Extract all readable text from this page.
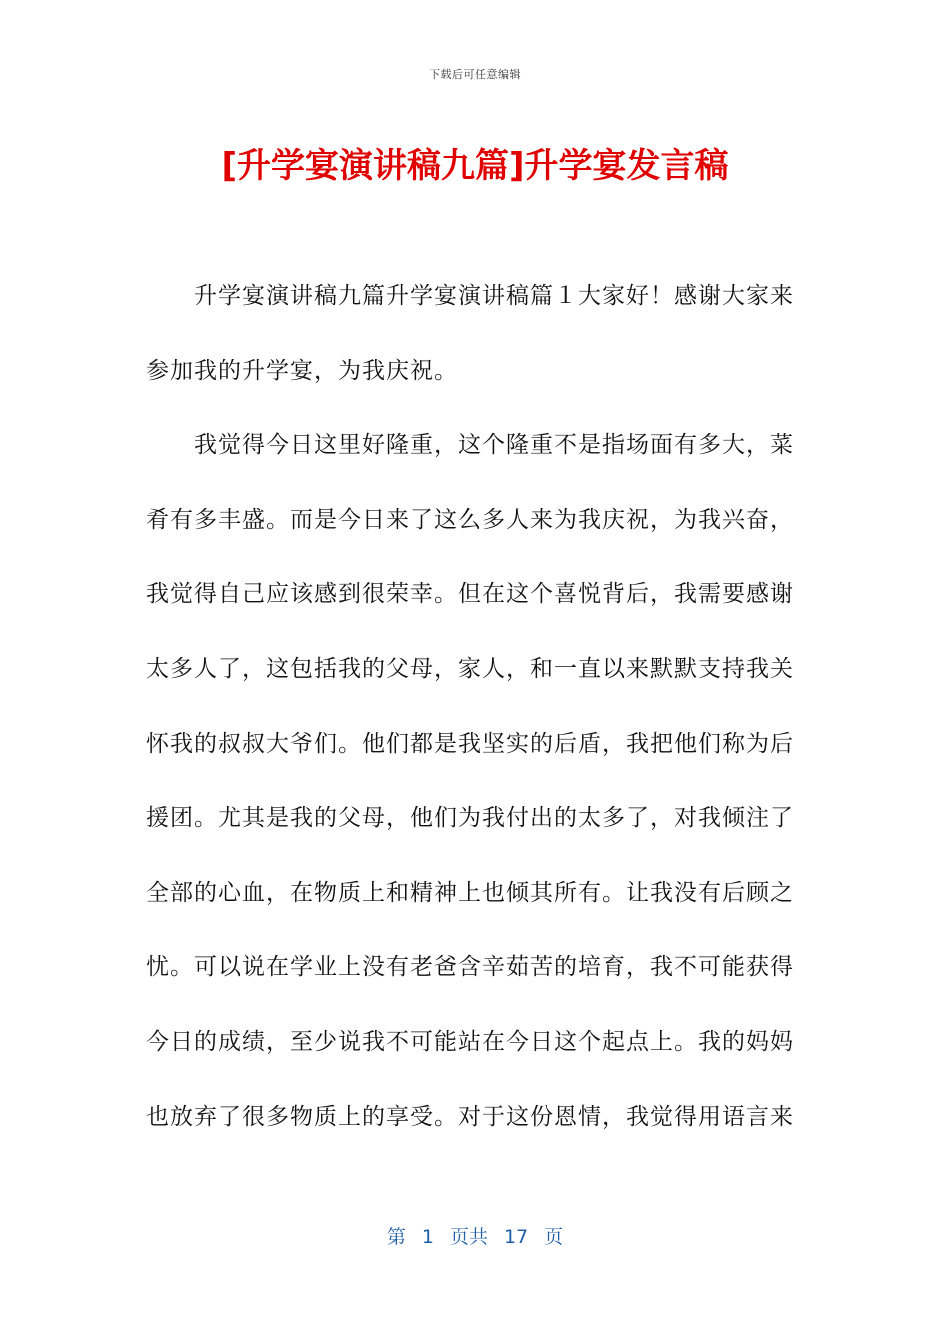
下载后可任意编辑
[升学宴演讲稿九篇]升学宴发言稿
　　升学宴演讲稿九篇升学宴演讲稿篇１大家好！感谢大家来
参加我的升学宴，为我庆祝。
　　我觉得今日这里好隆重，这个隆重不是指场面有多大，菜
肴有多丰盛。而是今日来了这么多人来为我庆祝，为我兴奋，
我觉得自己应该感到很荣幸。但在这个喜悦背后，我需要感谢
太多人了，这包括我的父母，家人，和一直以来默默支持我关
怀我的叔叔大爷们。他们都是我坚实的后盾，我把他们称为后
援团。尤其是我的父母，他们为我付出的太多了，对我倾注了
全部的心血，在物质上和精神上也倾其所有。让我没有后顾之
忧。可以说在学业上没有老爸含辛茹苦的培育，我不可能获得
今日的成绩，至少说我不可能站在今日这个起点上。我的妈妈
也放弃了很多物质上的享受。对于这份恩情，我觉得用语言来
第 1 页共 17 页
